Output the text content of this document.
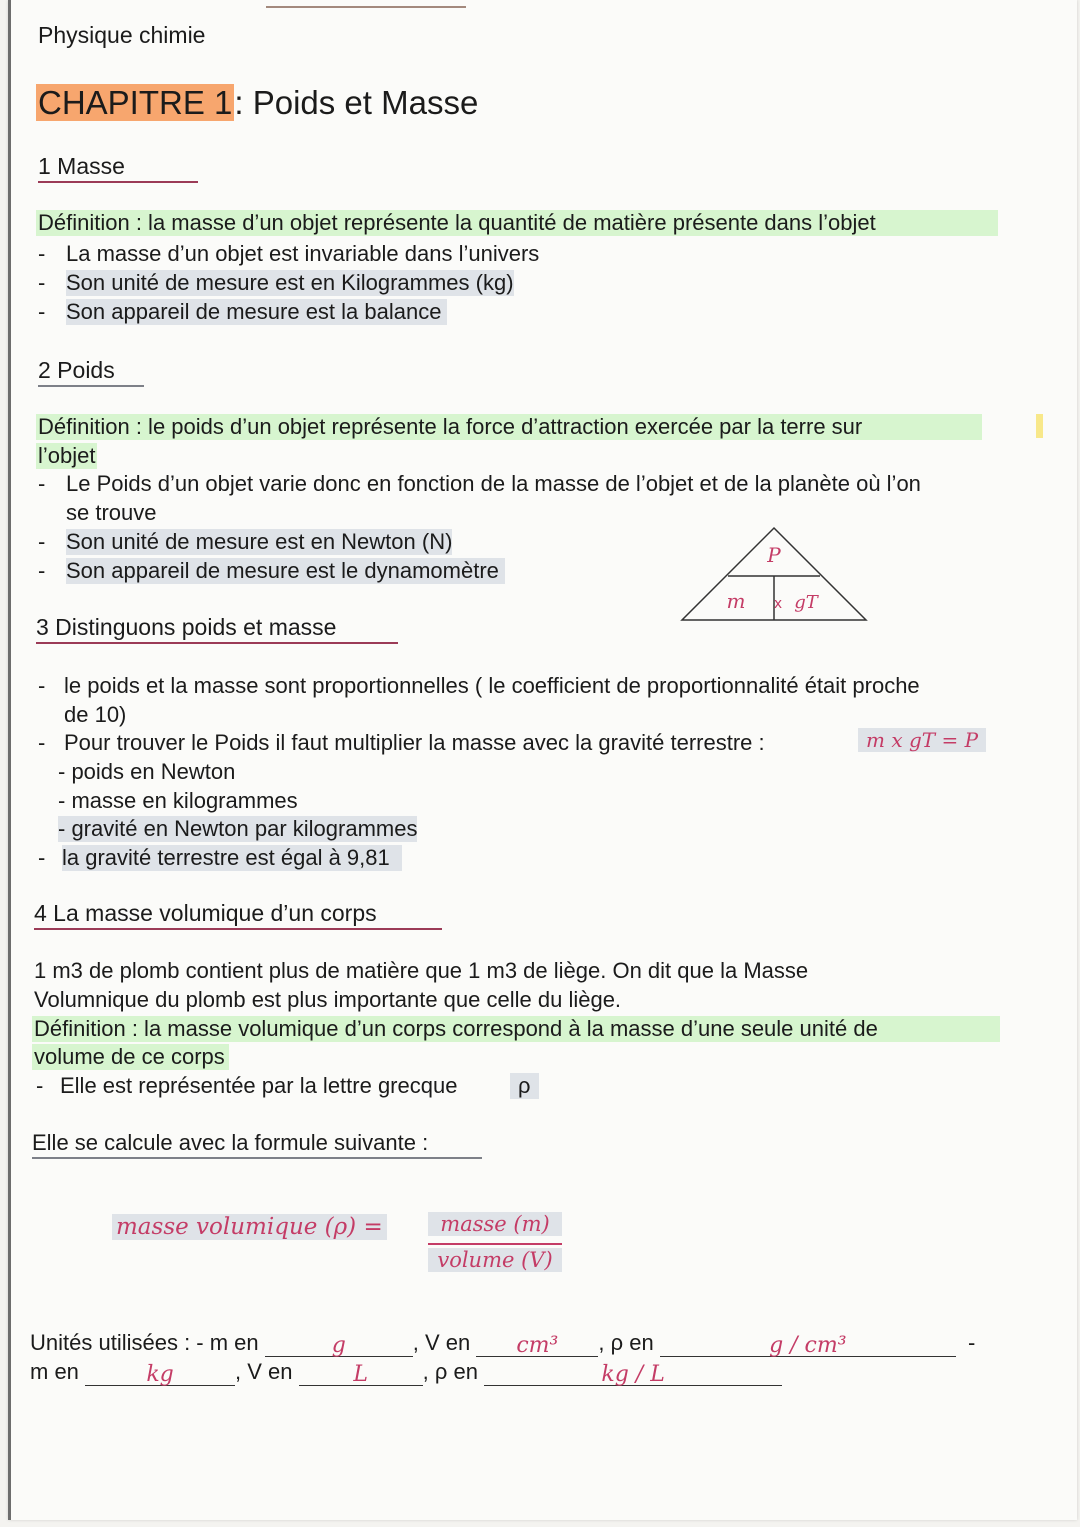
Physique chimie
CHAPITRE 1: Poids et Masse
1 Masse
Définition : la masse d’un objet représente la quantité de matière présente dans l’objet
- La masse d’un objet est invariable dans l’univers
- Son unité de mesure est en Kilogrammes (kg)
- Son appareil de mesure est la balance
2 Poids
Définition : le poids d’un objet représente la force d’attraction exercée par la terre sur
l’objet
- Le Poids d’un objet varie donc en fonction de la masse de l’objet et de la planète où l’on
se trouve
- Son unité de mesure est en Newton (N)
- Son appareil de mesure est le dynamomètre
P
m x gT
3 Distinguons poids et masse
- le poids et la masse sont proportionnelles ( le coefficient de proportionnalité était proche
de 10)
- Pour trouver le Poids il faut multiplier la masse avec la gravité terrestre :	m x gT = P
- poids en Newton
- masse en kilogrammes
- gravité en Newton par kilogrammes
- la gravité terrestre est égal à 9,81
4 La masse volumique d’un corps
1 m3 de plomb contient plus de matière que 1 m3 de liège. On dit que la Masse
Volumnique du plomb est plus importante que celle du liège.
Définition : la masse volumique d’un corps correspond à la masse d’une seule unité de
volume de ce corps
- Elle est représentée par la lettre grecque	ρ
Elle se calcule avec la formule suivante :
masse volumique (ρ) =	masse (m)
volume (V)
Unités utilisées : - m en	g	, V en cm³ , ρ en	g / cm³	-
m en	kg	, V en	L , ρ en	kg / L
